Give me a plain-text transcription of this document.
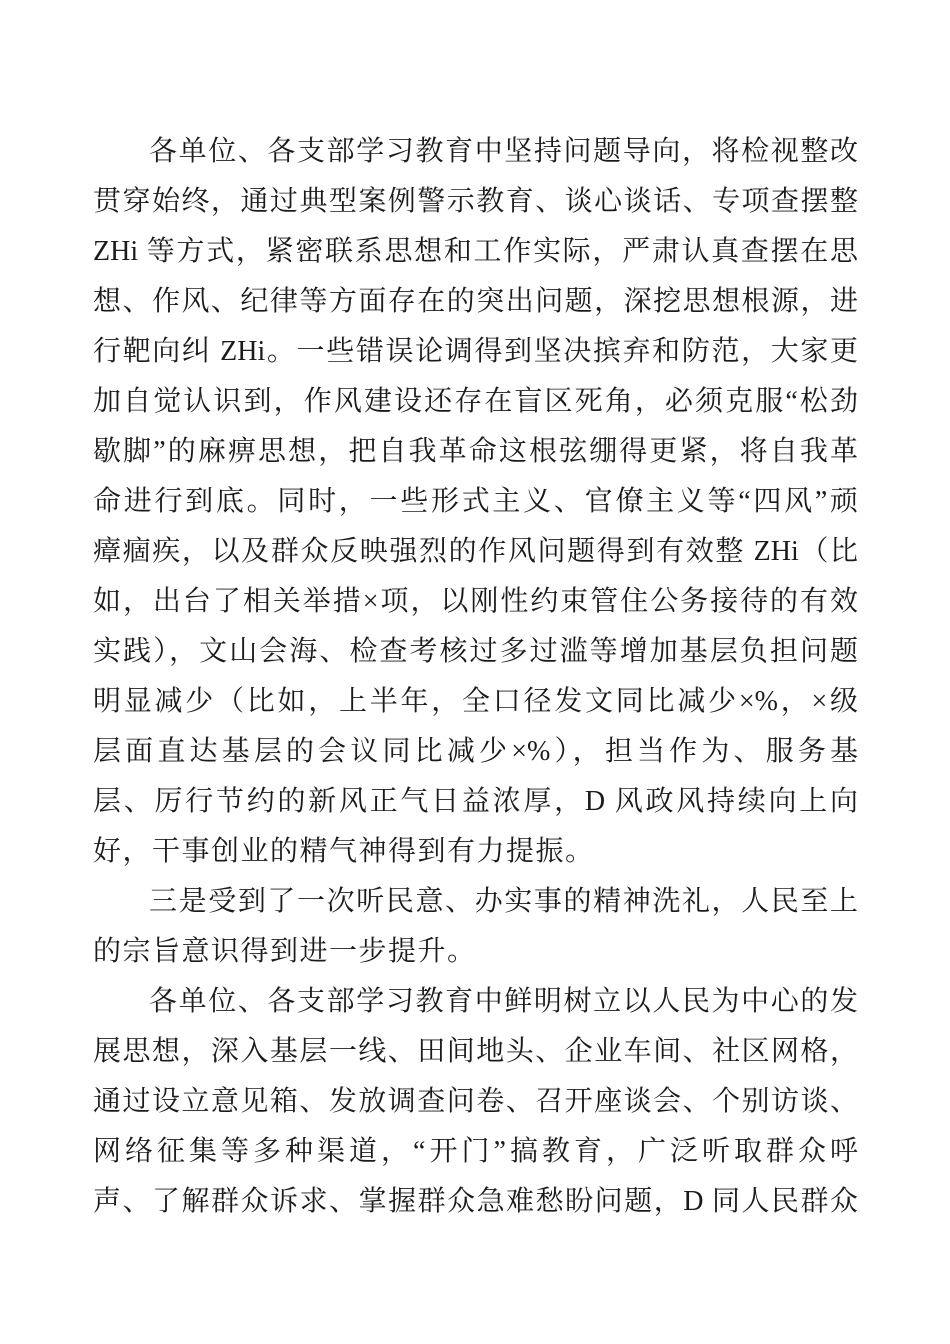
各单位、各支部学习教育中坚持问题导向，将检视整改
贯穿始终，通过典型案例警示教育、谈心谈话、专项查摆整
ZHi 等方式，紧密联系思想和工作实际，严肃认真查摆在思
想、作风、纪律等方面存在的突出问题，深挖思想根源，进
行靶向纠 ZHi。一些错误论调得到坚决摈弃和防范，大家更
加自觉认识到，作风建设还存在盲区死角，必须克服“松劲
歇脚”的麻痹思想，把自我革命这根弦绷得更紧，将自我革
命进行到底。同时，一些形式主义、官僚主义等“四风”顽
瘴痼疾，以及群众反映强烈的作风问题得到有效整 ZHi（比
如，出台了相关举措×项，以刚性约束管住公务接待的有效
实践），文山会海、检查考核过多过滥等增加基层负担问题
明显减少（比如，上半年，全口径发文同比减少×%，×级
层面直达基层的会议同比减少×%），担当作为、服务基
层、厉行节约的新风正气日益浓厚，D 风政风持续向上向
好，干事创业的精气神得到有力提振。
三是受到了一次听民意、办实事的精神洗礼，人民至上
的宗旨意识得到进一步提升。
各单位、各支部学习教育中鲜明树立以人民为中心的发
展思想，深入基层一线、田间地头、企业车间、社区网格，
通过设立意见箱、发放调查问卷、召开座谈会、个别访谈、
网络征集等多种渠道，“开门”搞教育，广泛听取群众呼
声、了解群众诉求、掌握群众急难愁盼问题，D 同人民群众
